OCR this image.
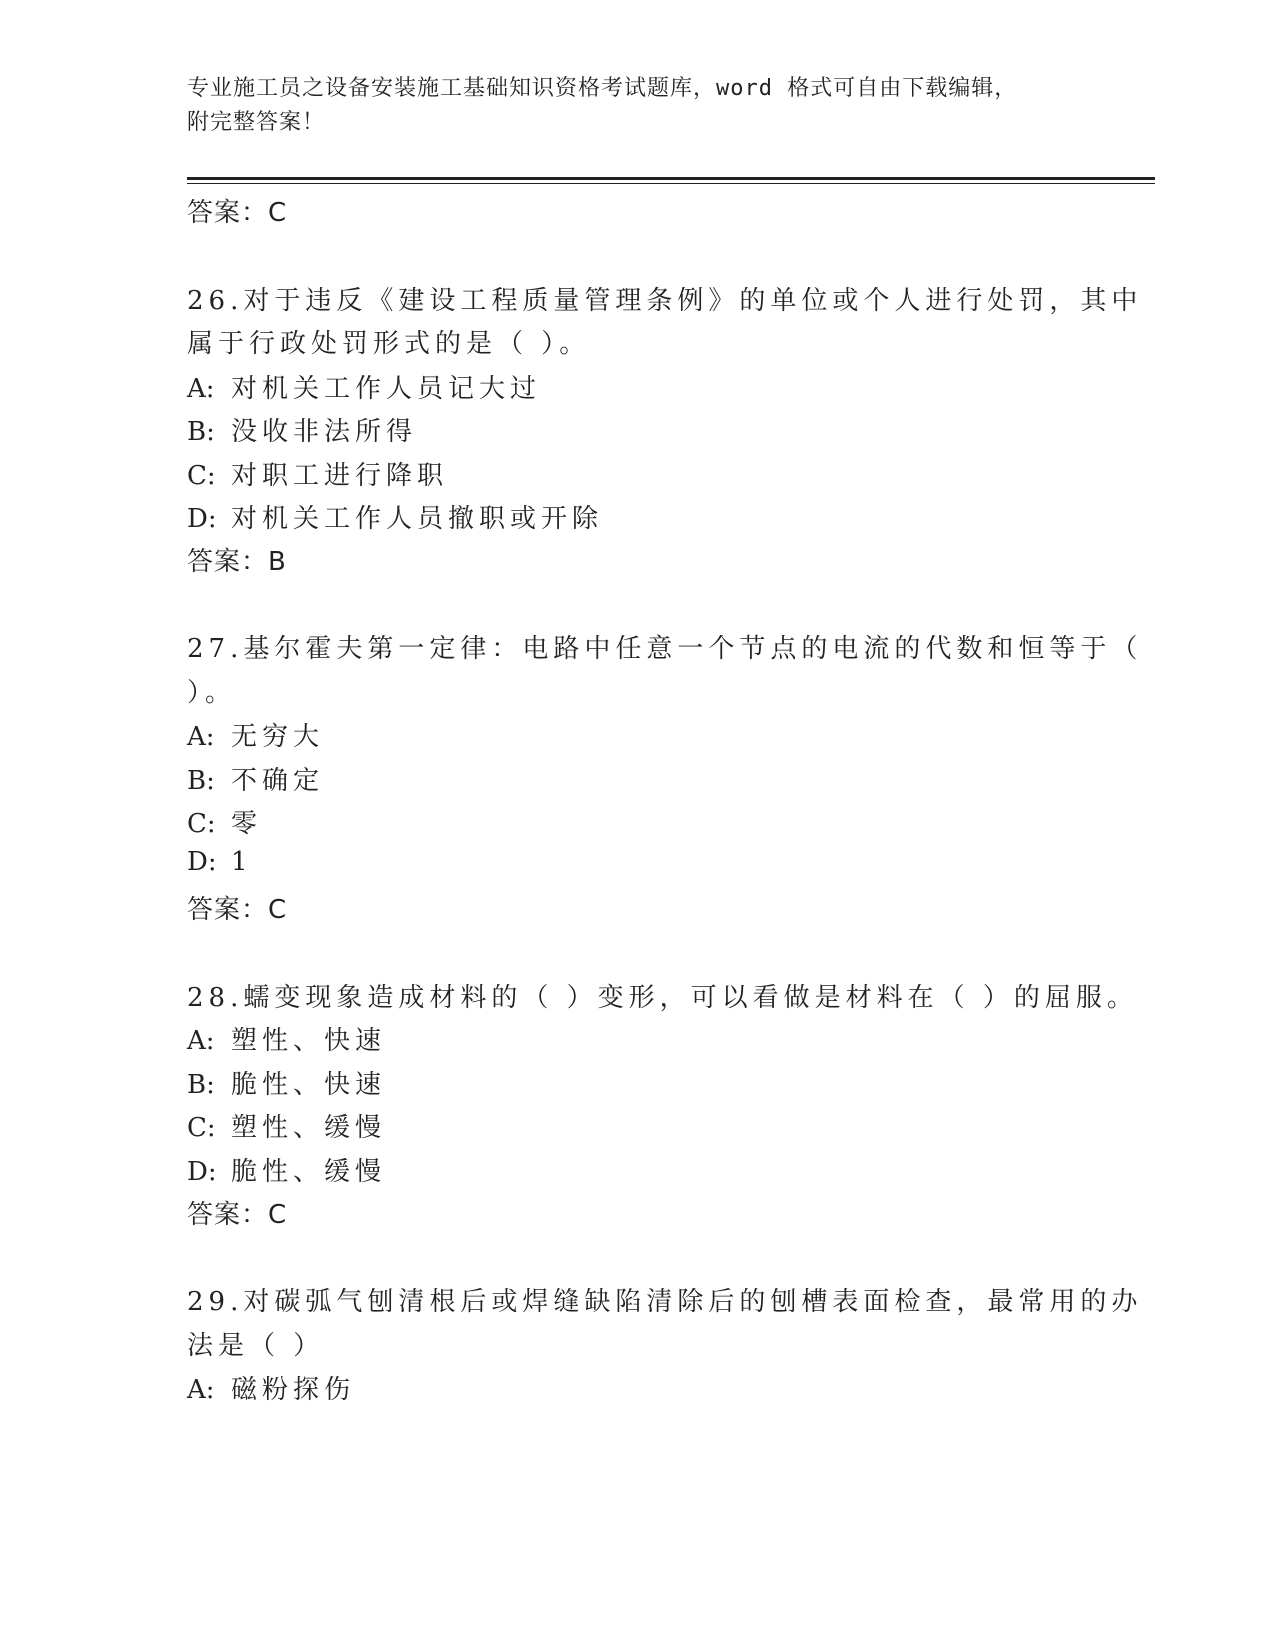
专业施工员之设备安装施工基础知识资格考试题库，word 格式可自由下载编辑，
附完整答案！
答案：C
26.对于违反《建设工程质量管理条例》的单位或个人进行处罚，其中
属于行政处罚形式的是（ ）。
A: 对机关工作人员记大过
B: 没收非法所得
C: 对职工进行降职
D: 对机关工作人员撤职或开除
答案：B
27.基尔霍夫第一定律：电路中任意一个节点的电流的代数和恒等于（
）。
A: 无穷大
B: 不确定
C: 零
D: 1
答案：C
28.蠕变现象造成材料的（ ）变形，可以看做是材料在（ ）的屈服。
A: 塑性、快速
B: 脆性、快速
C: 塑性、缓慢
D: 脆性、缓慢
答案：C
29.对碳弧气刨清根后或焊缝缺陷清除后的刨槽表面检查，最常用的办
法是（ ）
A: 磁粉探伤
